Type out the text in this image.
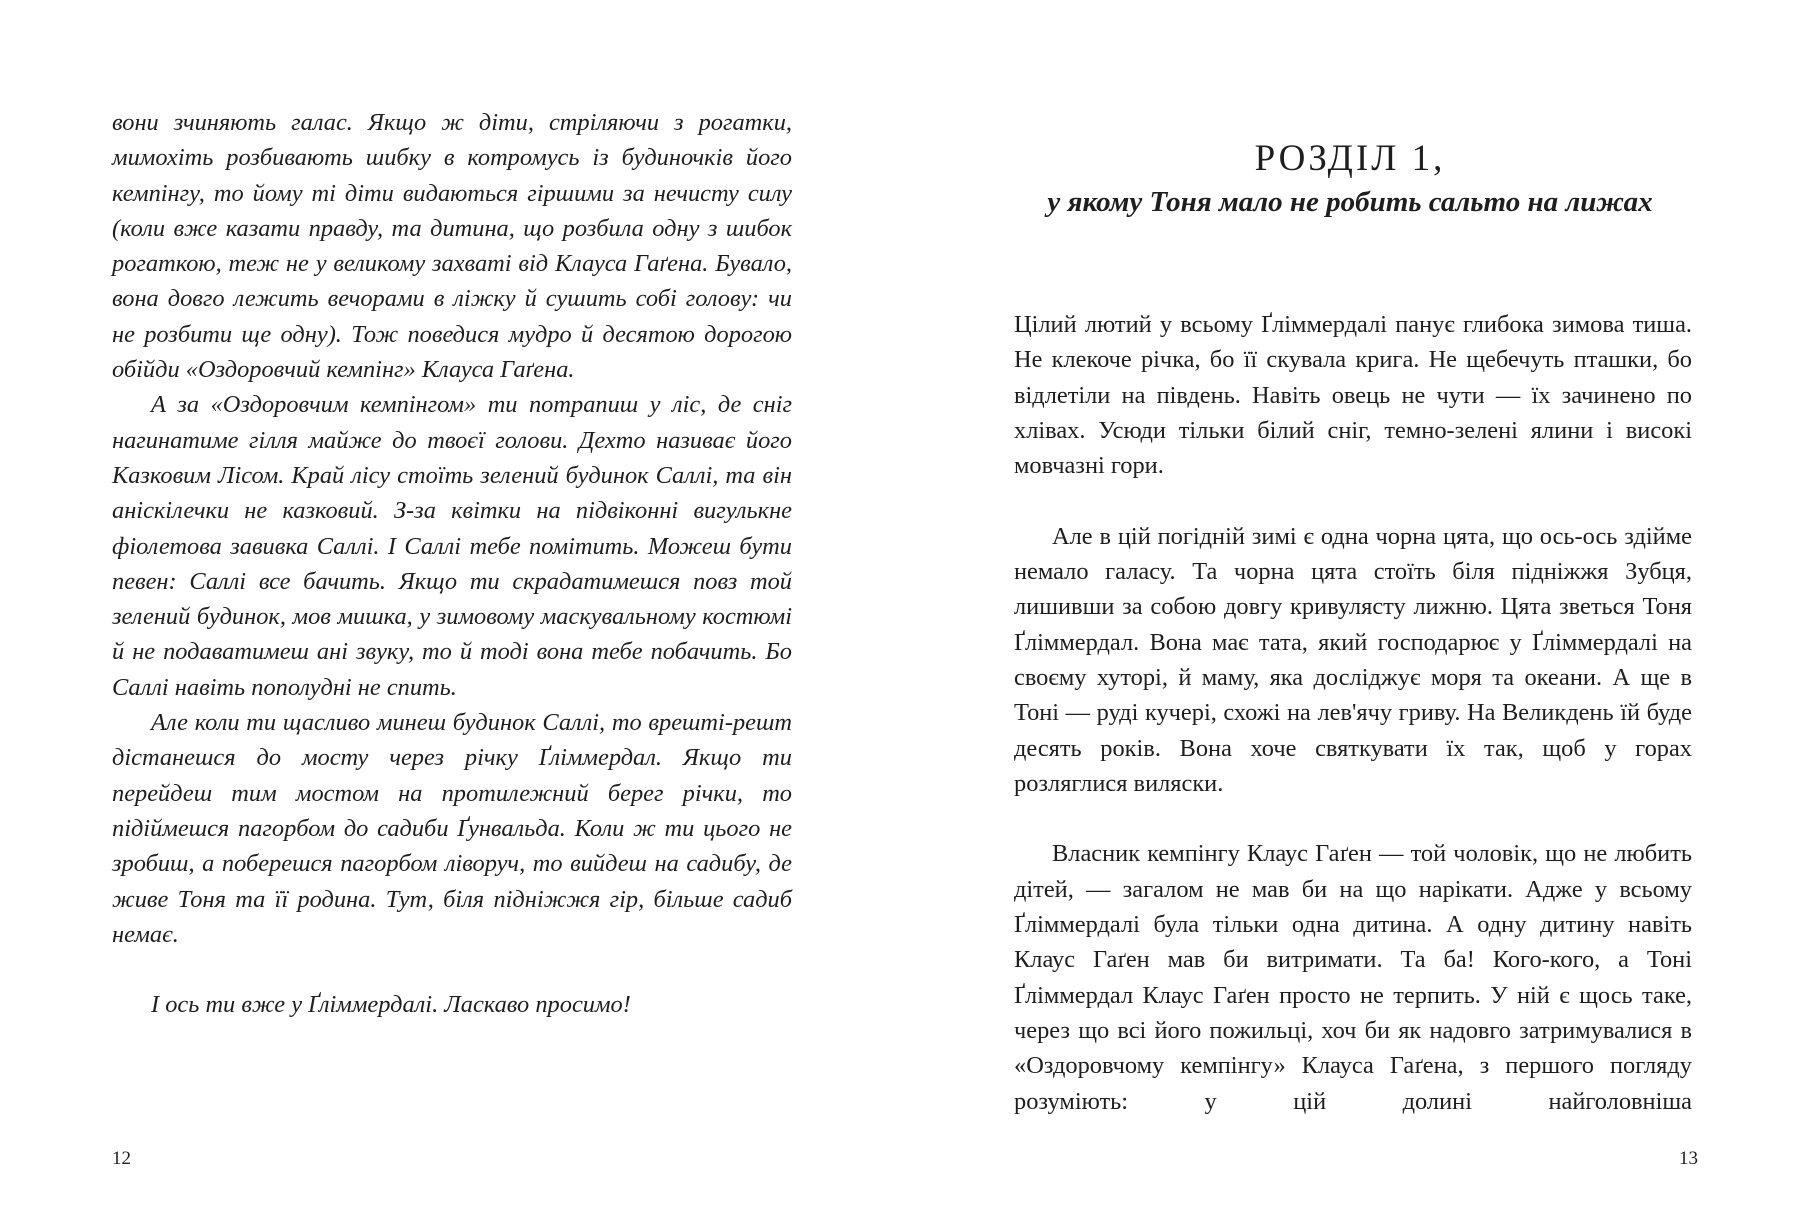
вони зчиняють галас. Якщо ж діти, стріляючи з рогатки, мимохіть розбивають шибку в котромусь із будиночків його кемпінгу, то йому ті діти видаються гіршими за нечисту силу (коли вже казати правду, та дитина, що розбила одну з шибок рогаткою, теж не у великому захваті від Клауса Гаґена. Бувало, вона довго лежить вечорами в ліжку й сушить собі голову: чи не розбити ще одну). Тож поведися мудро й десятою дорогою обійди «Оздоровчий кемпінг» Клауса Гаґена.

А за «Оздоровчим кемпінгом» ти потрапиш у ліс, де сніг нагинатиме гілля майже до твоєї голови. Дехто називає його Казковим Лісом. Край лісу стоїть зелений будинок Саллі, та він аніскілечки не казковий. З-за квітки на підвіконні вигулькне фіолетова завивка Саллі. І Саллі тебе помітить. Можеш бути певен: Саллі все бачить. Якщо ти скрадатимешся повз той зелений будинок, мов мишка, у зимовому маскувальному костюмі й не подаватимеш ані звуку, то й тоді вона тебе побачить. Бо Саллі навіть пополудні не спить.

Але коли ти щасливо минеш будинок Саллі, то врешті-решт дістанешся до мосту через річку Ґліммердал. Якщо ти перейдеш тим мостом на протилежний берег річки, то підіймешся пагорбом до садиби Ґунвальда. Коли ж ти цього не зробиш, а поберешся пагорбом ліворуч, то вийдеш на садибу, де живе Тоня та її родина. Тут, біля підніжжя гір, більше садиб немає.

І ось ти вже у Ґліммердалі. Ласкаво просимо!

12
РОЗДІЛ 1,
у якому Тоня мало не робить сальто на лижах

Цілий лютий у всьому Ґліммердалі панує глибока зимова тиша. Не клекоче річка, бо її скувала крига. Не щебечуть пташки, бо відлетіли на південь. Навіть овець не чути — їх зачинено по хлівах. Усюди тільки білий сніг, темно-зелені ялини і високі мовчазні гори.

Але в цій погідній зимі є одна чорна цята, що ось-ось здійме немало галасу. Та чорна цята стоїть біля підніжжя Зубця, лишивши за собою довгу кривулясту лижню. Цята зветься Тоня Ґліммердал. Вона має тата, який господарює у Ґліммердалі на своєму хуторі, й маму, яка досліджує моря та океани. А ще в Тоні — руді кучері, схожі на лев'ячу гриву. На Великдень їй буде десять років. Вона хоче святкувати їх так, щоб у горах розляглися виляски.

Власник кемпінгу Клаус Гаґен — той чоловік, що не любить дітей, — загалом не мав би на що нарікати. Адже у всьому Ґліммердалі була тільки одна дитина. А одну дитину навіть Клаус Гаґен мав би витримати. Та ба! Кого-кого, а Тоні Ґліммердал Клаус Гаґен просто не терпить. У ній є щось таке, через що всі його пожильці, хоч би як надовго затримувалися в «Оздоровчому кемпінгу» Клауса Гаґена, з першого погляду розуміють: у цій долині найголовніша

13
